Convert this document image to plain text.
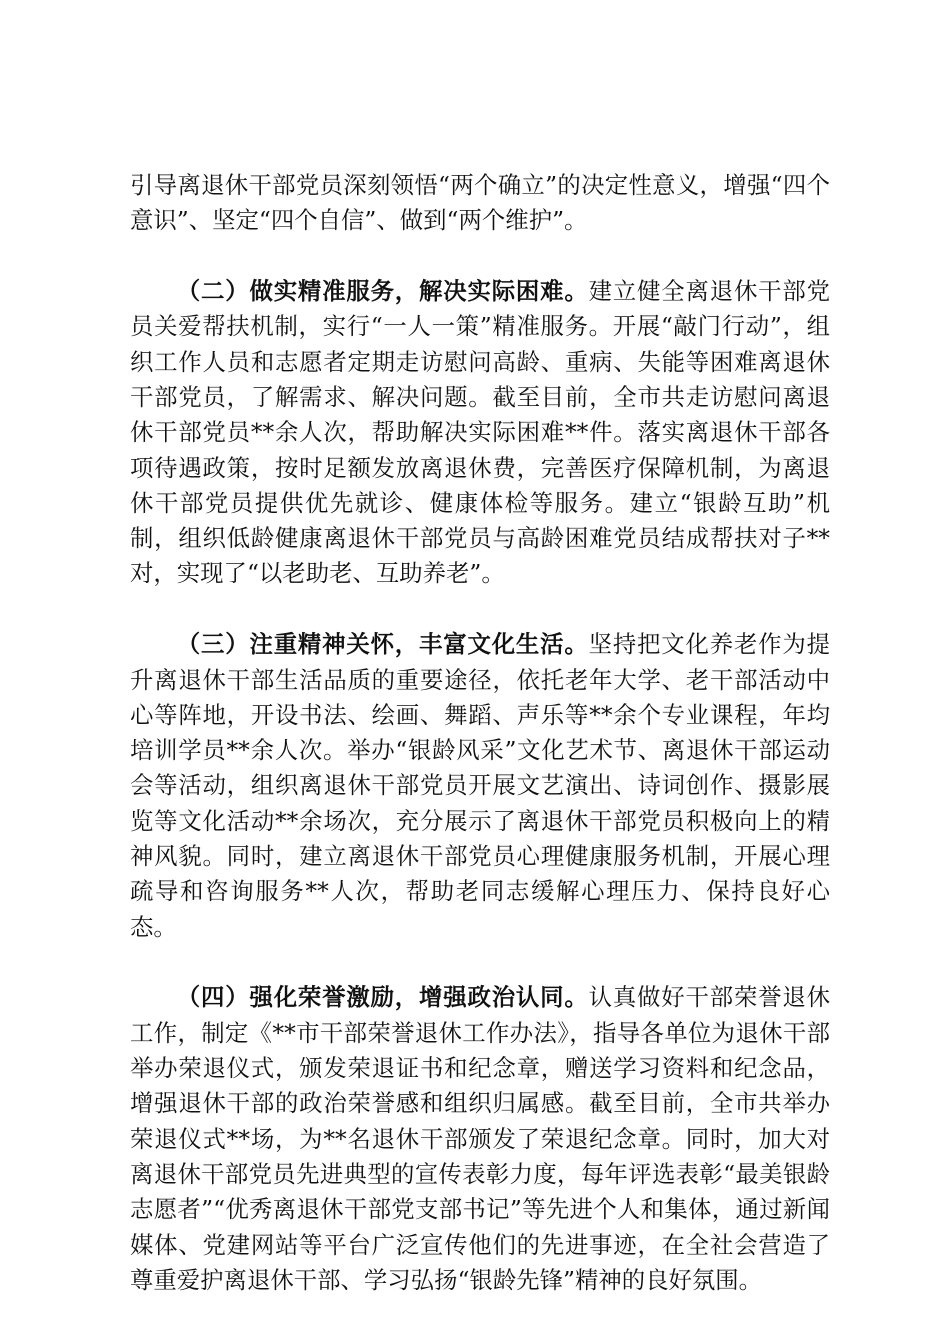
引导离退休干部党员深刻领悟“两个确立”的决定性意义，增强“四个意识”、坚定“四个自信”、做到“两个维护”。

（二）做实精准服务，解决实际困难。建立健全离退休干部党员关爱帮扶机制，实行“一人一策”精准服务。开展“敲门行动”，组织工作人员和志愿者定期走访慰问高龄、重病、失能等困难离退休干部党员，了解需求、解决问题。截至目前，全市共走访慰问离退休干部党员**余人次，帮助解决实际困难**件。落实离退休干部各项待遇政策，按时足额发放离退休费，完善医疗保障机制，为离退休干部党员提供优先就诊、健康体检等服务。建立“银龄互助”机制，组织低龄健康离退休干部党员与高龄困难党员结成帮扶对子**对，实现了“以老助老、互助养老”。

（三）注重精神关怀，丰富文化生活。坚持把文化养老作为提升离退休干部生活品质的重要途径，依托老年大学、老干部活动中心等阵地，开设书法、绘画、舞蹈、声乐等**余个专业课程，年均培训学员**余人次。举办“银龄风采”文化艺术节、离退休干部运动会等活动，组织离退休干部党员开展文艺演出、诗词创作、摄影展览等文化活动**余场次，充分展示了离退休干部党员积极向上的精神风貌。同时，建立离退休干部党员心理健康服务机制，开展心理疏导和咨询服务**人次，帮助老同志缓解心理压力、保持良好心态。

（四）强化荣誉激励，增强政治认同。认真做好干部荣誉退休工作，制定《**市干部荣誉退休工作办法》，指导各单位为退休干部举办荣退仪式，颁发荣退证书和纪念章，赠送学习资料和纪念品，增强退休干部的政治荣誉感和组织归属感。截至目前，全市共举办荣退仪式**场，为**名退休干部颁发了荣退纪念章。同时，加大对离退休干部党员先进典型的宣传表彰力度，每年评选表彰“最美银龄志愿者”“优秀离退休干部党支部书记”等先进个人和集体，通过新闻媒体、党建网站等平台广泛宣传他们的先进事迹，在全社会营造了尊重爱护离退休干部、学习弘扬“银龄先锋”精神的良好氛围。
